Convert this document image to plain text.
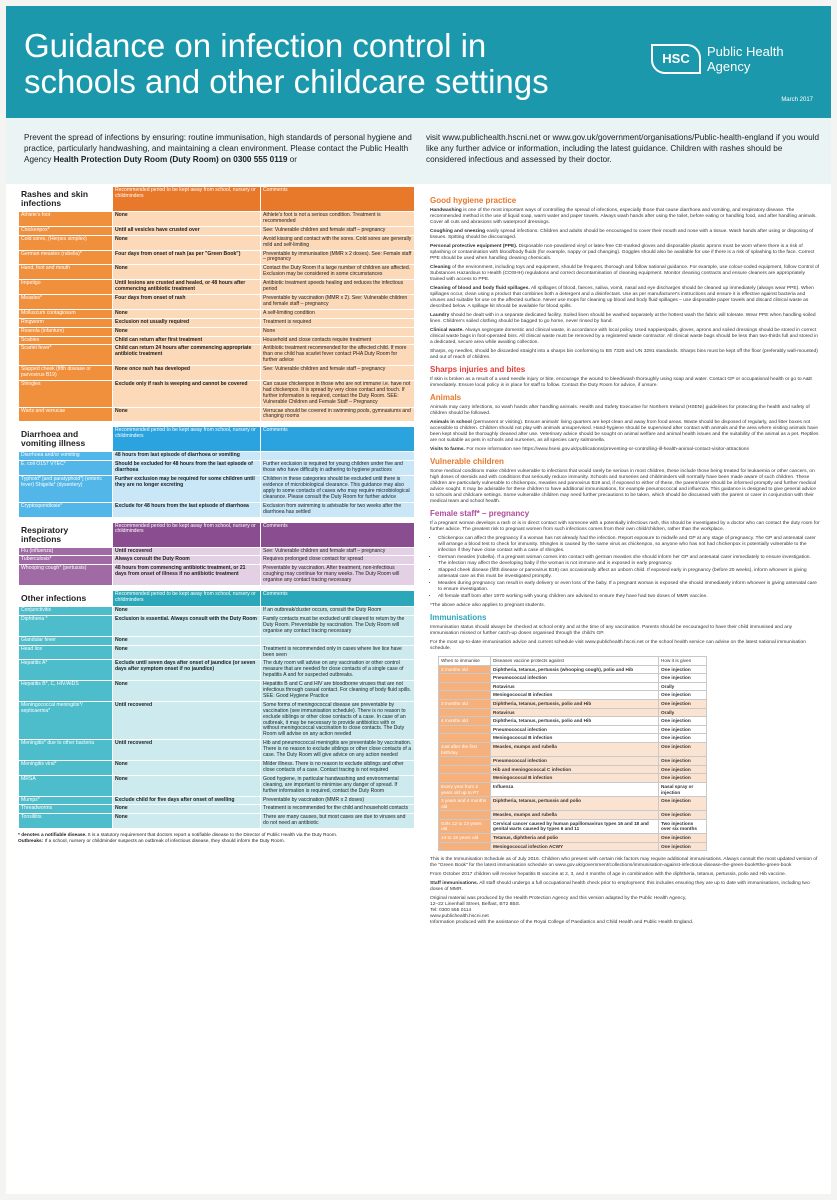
Guidance on infection control in schools and other childcare settings
HSC	Public Health
Agency
March 2017
Prevent the spread of infections by ensuring: routine immunisation, high standards of personal hygiene and practice, particularly handwashing, and maintaining a clean environment. Please contact the Public Health Agency Health Protection Duty Room (Duty Room) on 0300 555 0119 or
visit www.publichealth.hscni.net or www.gov.uk/government/organisations/Public-health-england if you would like any further advice or information, including the latest guidance. Children with rashes should be considered infectious and assessed by their doctor.
Rashes and skin infections	Recommended period to be kept away from school, nursery or childminders	Comments
Athlete's foot	None	Athlete's foot is not a serious condition. Treatment is recommended
Chickenpox*	Until all vesicles have crusted over	See: Vulnerable children and female staff – pregnancy
Cold sores, (Herpes simplex)	None	Avoid kissing and contact with the sores. Cold sores are generally mild and self-limiting
German measles (rubella)*	Four days from onset of rash (as per "Green Book")	Preventable by immunisation (MMR x 2 doses). See: Female staff – pregnancy
Hand, foot and mouth	None	Contact the Duty Room if a large number of children are affected. Exclusion may be considered in some circumstances
Impetigo	Until lesions are crusted and healed, or 48 hours after commencing antibiotic treatment	Antibiotic treatment speeds healing and reduces the infectious period
Measles*	Four days from onset of rash	Preventable by vaccination (MMR x 2). See: Vulnerable children and female staff – pregnancy
Molluscum contagiosum	None	A self-limiting condition
Ringworm	Exclusion not usually required	Treatment is required
Roseola (infantum)	None	None
Scabies	Child can return after first treatment	Household and close contacts require treatment
Scarlet fever*	Child can return 24 hours after commencing appropriate antibiotic treatment	Antibiotic treatment recommended for the affected child. If more than one child has scarlet fever contact PHA Duty Room for further advice
Slapped cheek (fifth disease or parvovirus B19)	None once rash has developed	See: Vulnerable children and female staff – pregnancy
Shingles	Exclude only if rash is weeping and cannot be covered	Can cause chickenpox in those who are not immune i.e. have not had chickenpox. It is spread by very close contact and touch. If further information is required, contact the Duty Room. SEE: Vulnerable Children and Female Staff – Pregnancy
Warts and verrucae	None	Verrucae should be covered in swimming pools, gymnasiums and changing rooms
Diarrhoea and vomiting illness	Recommended period to be kept away from school, nursery or childminders	Comments
Diarrhoea and/or vomiting	48 hours from last episode of diarrhoea or vomiting	
E. coli O157 VTEC*	Should be excluded for 48 hours from the last episode of diarrhoea	Further exclusion is required for young children under five and those who have difficulty in adhering to hygiene practices
Typhoid* [and paratyphoid*] (enteric fever) Shigella* (dysentery)	Further exclusion may be required for some children until they are no longer excreting	Children in these categories should be excluded until there is evidence of microbiological clearance. This guidance may also apply to some contacts of cases who may require microbiological clearance. Please consult the Duty Room for further advice
Cryptosporidiosis*	Exclude for 48 hours from the last episode of diarrhoea	Exclusion from swimming is advisable for two weeks after the diarrhoea has settled
Respiratory infections	Recommended period to be kept away from school, nursery or childminders	Comments
Flu (influenza)	Until recovered	See: Vulnerable children and female staff – pregnancy
Tuberculosis*	Always consult the Duty Room	Requires prolonged close contact for spread
Whooping cough* (pertussis)	48 hours from commencing antibiotic treatment, or 21 days from onset of illness if no antibiotic treatment	Preventable by vaccination. After treatment, non-infectious coughing may continue for many weeks. The Duty Room will organise any contact tracing necessary
Other infections	Recommended period to be kept away from school, nursery or childminders	Comments
Conjunctivitis	None	If an outbreak/cluster occurs, consult the Duty Room
Diphtheria *	Exclusion is essential. Always consult with the Duty Room	Family contacts must be excluded until cleared to return by the Duty Room. Preventable by vaccination. The Duty Room will organise any contact tracing necessary
Glandular fever	None	
Head lice	None	Treatment is recommended only in cases where live lice have been seen
Hepatitis A*	Exclude until seven days after onset of jaundice (or seven days after symptom onset if no jaundice)	The duty room will advise on any vaccination or other control measure that are needed for close contacts of a single case of hepatitis A and for suspected outbreaks.
Hepatitis B*, C, HIV/AIDS	None	Hepatitis B and C and HIV are bloodborne viruses that are not infectious through casual contact. For cleaning of body fluid spills. SEE: Good Hygiene Practice
Meningococcal meningitis*/ septicaemia*	Until recovered	Some forms of meningococcal disease are preventable by vaccination (see immunisation schedule). There is no reason to exclude siblings or other close contacts of a case. In case of an outbreak, it may be necessary to provide antibiotics with or without meningococcal vaccination to close contacts. The Duty Room will advise on any action needed
Meningitis* due to other bacteria	Until recovered	Hib and pneumococcal meningitis are preventable by vaccination. There is no reason to exclude siblings or other close contacts of a case. The Duty Room will give advice on any action needed
Meningitis viral*	None	Milder illness. There is no reason to exclude siblings and other close contacts of a case. Contact tracing is not required
MRSA	None	Good hygiene, in particular handwashing and environmental cleaning, are important to minimise any danger of spread. If further information is required, contact the Duty Room
Mumps*	Exclude child for five days after onset of swelling	Preventable by vaccination (MMR x 2 doses)
Threadworms	None	Treatment is recommended for the child and household contacts
Tonsillitis	None	There are many causes, but most cases are due to viruses and do not need an antibiotic
* denotes a notifiable disease. It is a statutory requirement that doctors report a notifiable disease to the Director of Public Health via the Duty Room.
Outbreaks: If a school, nursery or childminder suspects an outbreak of infectious disease, they should inform the Duty Room.
Good hygiene practice

Handwashing is one of the most important ways of controlling the spread of infections, especially those that cause diarrhoea and vomiting, and respiratory disease. The recommended method is the use of liquid soap, warm water and paper towels. Always wash hands after using the toilet, before eating or handling food, and after handling animals. Cover all cuts and abrasions with waterproof dressings.

Coughing and sneezing easily spread infections. Children and adults should be encouraged to cover their mouth and nose with a tissue. Wash hands after using or disposing of tissues. Spitting should be discouraged.

Personal protective equipment (PPE). Disposable non-powdered vinyl or latex-free CE-marked gloves and disposable plastic aprons must be worn where there is a risk of splashing or contamination with blood/body fluids (for example, nappy or pad changing). Goggles should also be available for use if there is a risk of splashing to the face. Correct PPE should be used when handling cleaning chemicals.

Cleaning of the environment, including toys and equipment, should be frequent, thorough and follow national guidance. For example, use colour-coded equipment, follow Control of Substances Hazardous to Health (COSHH) regulations and correct decontamination of cleaning equipment. Monitor cleaning contracts and ensure cleaners are appropriately trained with access to PPE.

Cleaning of blood and body fluid spillages. All spillages of blood, faeces, saliva, vomit, nasal and eye discharges should be cleaned up immediately (always wear PPE). When spillages occur, clean using a product that combines both a detergent and a disinfectant. Use as per manufacturer's instructions and ensure it is effective against bacteria and viruses and suitable for use on the affected surface. Never use mops for cleaning up blood and body fluid spillages – use disposable paper towels and discard clinical waste as described below. A spillage kit should be available for blood spills.

Laundry should be dealt with in a separate dedicated facility. Soiled linen should be washed separately at the hottest wash the fabric will tolerate. Wear PPE when handling soiled linen. Children's soiled clothing should be bagged to go home, never rinsed by hand.

Clinical waste. Always segregate domestic and clinical waste, in accordance with local policy. Used nappies/pads, gloves, aprons and soiled dressings should be stored in correct clinical waste bags in foot-operated bins. All clinical waste must be removed by a registered waste contractor. All clinical waste bags should be less than two-thirds full and stored in a dedicated, secure area while awaiting collection.

Sharps, eg needles, should be discarded straight into a sharps bin conforming to BS 7320 and UN 3291 standards. Sharps bins must be kept off the floor (preferably wall-mounted) and out of reach of children.

Sharps injuries and bites

If skin is broken as a result of a used needle injury or bite, encourage the wound to bleed/wash thoroughly using soap and water. Contact GP or occupational health or go to A&E immediately. Ensure local policy is in place for staff to follow. Contact the Duty Room for advice, if unsure.

Animals

Animals may carry infections, so wash hands after handling animals. Health and Safety Executive for Northern Ireland (HSENI) guidelines for protecting the health and safety of children should be followed.

Animals in school (permanent or visiting). Ensure animals' living quarters are kept clean and away from food areas. Waste should be disposed of regularly, and litter boxes not accessible to children. Children should not play with animals unsupervised. Hand-hygiene should be supervised after contact with animals and the area where visiting animals have been kept should be thoroughly cleaned after use. Veterinary advice should be sought on animal welfare and animal health issues and the suitability of the animal as a pet. Reptiles are not suitable as pets in schools and nurseries, as all species carry salmonella.

Visits to farms. For more information see https://www.hseni.gov.uk/publications/preventing-or-controlling-ill-health-animal-contact-visitor-attractions

Vulnerable children

Some medical conditions make children vulnerable to infections that would rarely be serious in most children, these include those being treated for leukaemia or other cancers, on high doses of steroids and with conditions that seriously reduce immunity. Schools and nurseries and childminders will normally have been made aware of such children. These children are particularly vulnerable to chickenpox, measles and parvovirus B19 and, if exposed to either of these, the parent/carer should be informed promptly and further medical advice sought. It may be advisable for these children to have additional immunisations, for example pneumococcal and influenza. This guidance is designed to give general advice to schools and childcare settings. Some vulnerable children may need further precautions to be taken, which should be discussed with the parent or carer in conjunction with their medical team and school health.

Female staff* – pregnancy

If a pregnant woman develops a rash or is in direct contact with someone with a potentially infectious rash, this should be investigated by a doctor who can contact the duty room for further advice. The greatest risk to pregnant women from such infections comes from their own child/children, rather than the workplace.

• Chickenpox can affect the pregnancy if a woman has not already had the infection. Report exposure to midwife and GP at any stage of pregnancy. The GP and antenatal carer will arrange a blood test to check for immunity. Shingles is caused by the same virus as chickenpox, so anyone who has not had chickenpox is potentially vulnerable to the infection if they have close contact with a case of shingles.
• German measles (rubella). If a pregnant woman comes into contact with german measles she should inform her GP and antenatal carer immediately to ensure investigation. The infection may affect the developing baby if the woman is not immune and is exposed in early pregnancy.
• Slapped cheek disease (fifth disease or parvovirus B19) can occasionally affect an unborn child. If exposed early in pregnancy (before 20 weeks), inform whoever is giving antenatal care as this must be investigated promptly.
• Measles during pregnancy can result in early delivery or even loss of the baby. If a pregnant woman is exposed she should immediately inform whoever is giving antenatal care to ensure investigation.
• All female staff born after 1970 working with young children are advised to ensure they have had two doses of MMR vaccine.

*The above advice also applies to pregnant students.

Immunisations

Immunisation status should always be checked at school entry and at the time of any vaccination. Parents should be encouraged to have their child immunised and any immunisation missed or further catch-up doses organised through the child's GP.

For the most up-to-date immunisation advice and current schedule visit www.publichealth.hscni.net or the school health service can advise on the latest national immunisation schedule.

When to immunise	Diseases vaccine protects against	How it is given
2 months old	Diphtheria, tetanus, pertussis (whooping cough), polio and Hib	One injection
	Pneumococcal infection	One injection
	Rotavirus	Orally
	Meningococcal B infection	One injection
3 months old	Diphtheria, tetanus, pertussis, polio and Hib	One injection
	Rotavirus	Orally
4 months old	Diphtheria, tetanus, pertussis, polio and Hib	One injection
	Pneumococcal infection	One injection
	Meningococcal B infection	One injection
Just after the first birthday	Measles, mumps and rubella	One injection
	Pneumococcal infection	One injection
	Hib and meningococcal C infection	One injection
	Meningococcal B infection	One injection
Every year from 2 years old up to P7	Influenza	Nasal spray or injection
3 years and 4 months old	Diphtheria, tetanus, pertussis and polio	One injection
	Measles, mumps and rubella	One injection
Girls 12 to 13 years old	Cervical cancer caused by human papillomavirus types 16 and 18 and genital warts caused by types 6 and 11	Two injections over six months
14 to 18 years old	Tetanus, diphtheria and polio	One injection
	Meningococcal infection ACWY	One injection

This is the Immunisation Schedule as of July 2016. Children who present with certain risk factors may require additional immunisations. Always consult the most updated version of the "Green Book" for the latest immunisation schedule on www.gov.uk/government/collections/immunisation-against-infectious-disease-the-green-book#the-green-book

From October 2017 children will receive hepatitis B vaccine at 2, 3, and 4 months of age in combination with the diphtheria, tetanus, pertussis, polio and Hib vaccine.

Staff immunisations. All staff should undergo a full occupational health check prior to employment; this includes ensuring they are up to date with immunisations, including two doses of MMR.

Original material was produced by the Health Protection Agency and this version adapted by the Public Health Agency,
12–22 Linenhall Street, Belfast, BT2 8BS.
Tel: 0300 555 0114
www.publichealth.hscni.net
Information produced with the assistance of the Royal College of Paediatrics and Child Health and Public Health England.
